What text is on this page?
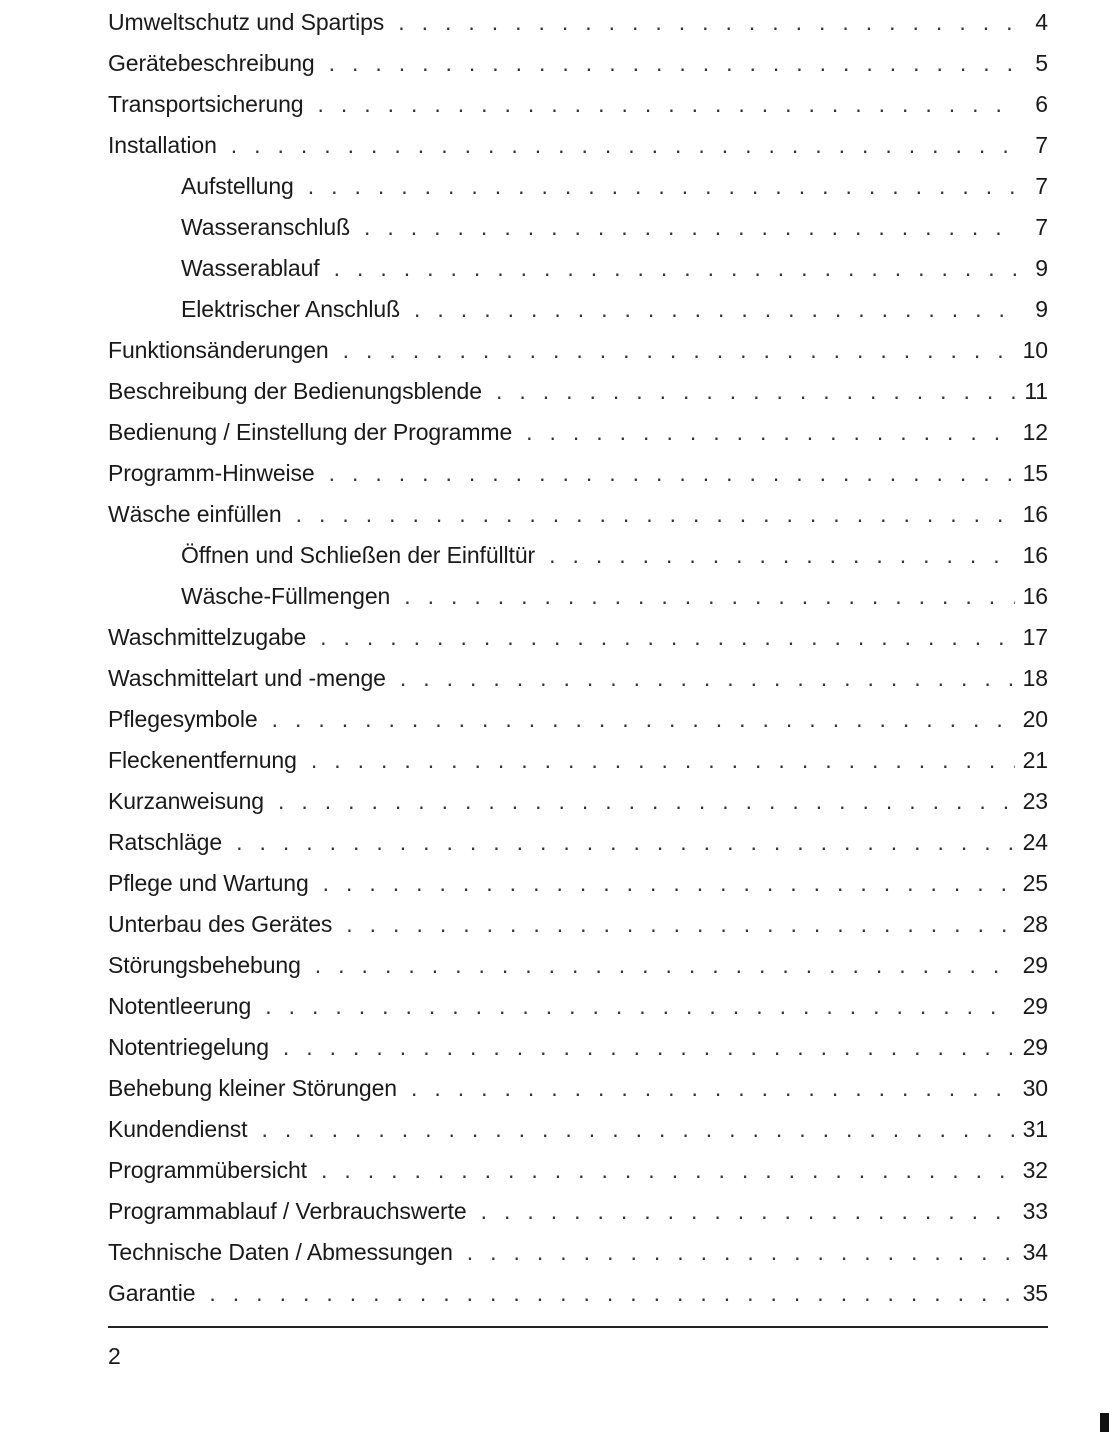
Umweltschutz und Spartips . . .	4
Gerätebeschreibung . . .	5
Transportsicherung . . .	6
Installation . . .	7
Aufstellung . . .	7
Wasseranschluß . . .	7
Wasserablauf . . .	9
Elektrischer Anschluß . . .	9
Funktionsänderungen . . .	10
Beschreibung der Bedienungsblende . . .	11
Bedienung / Einstellung der Programme . . .	12
Programm-Hinweise . . .	15
Wäsche einfüllen . . .	16
Öffnen und Schließen der Einfülltür . . .	16
Wäsche-Füllmengen . . .	16
Waschmittelzugabe . . .	17
Waschmittelart und -menge . . .	18
Pflegesymbole . . .	20
Fleckenentfernung . . .	21
Kurzanweisung . . .	23
Ratschläge . . .	24
Pflege und Wartung . . .	25
Unterbau des Gerätes . . .	28
Störungsbehebung . . .	29
Notentleerung . . .	29
Notentriegelung . . .	29
Behebung kleiner Störungen . . .	30
Kundendienst . . .	31
Programmübersicht . . .	32
Programmablauf / Verbrauchswerte . . .	33
Technische Daten / Abmessungen . . .	34
Garantie . . .	35
2
